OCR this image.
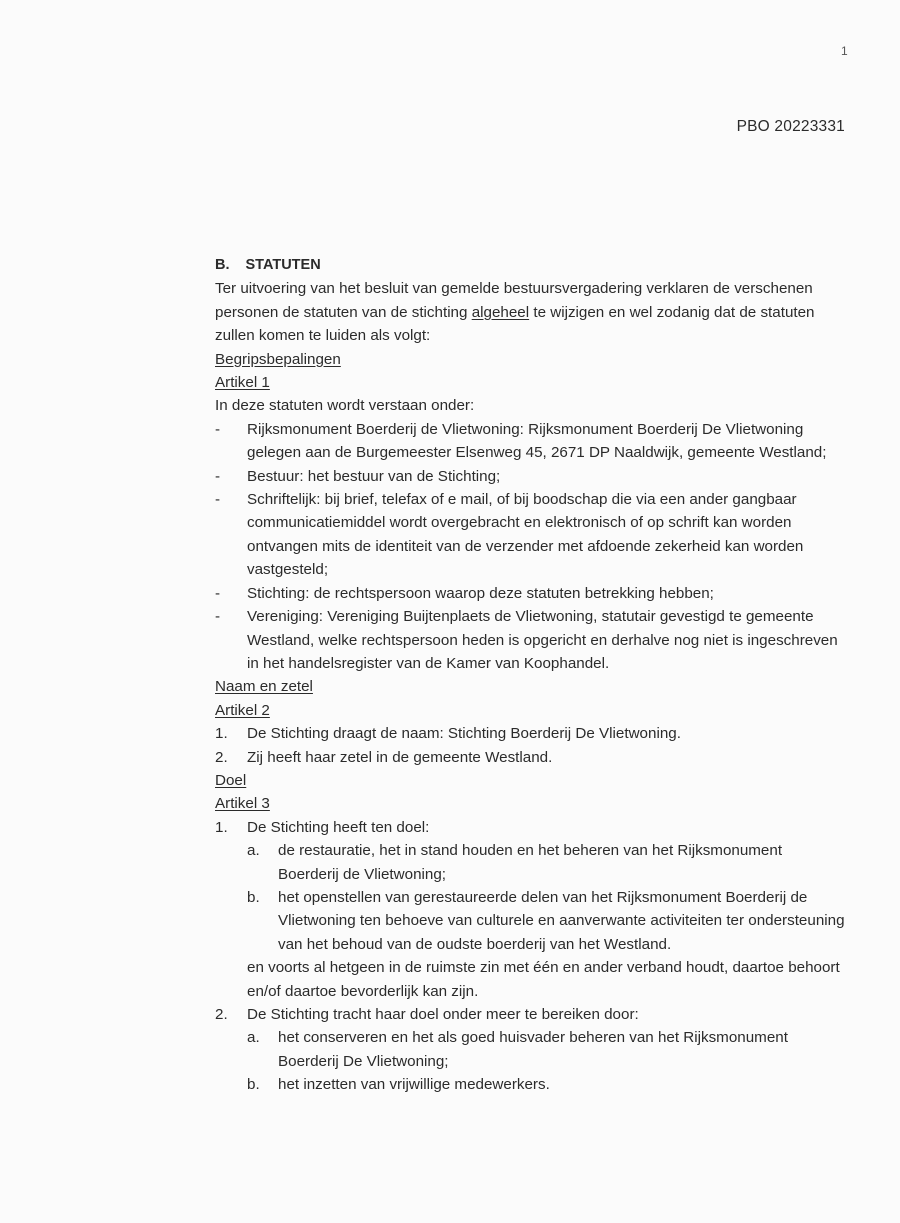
1
PBO 20223331
B. STATUTEN

Ter uitvoering van het besluit van gemelde bestuursvergadering verklaren de verschenen personen de statuten van de stichting algeheel te wijzigen en wel zodanig dat de statuten zullen komen te luiden als volgt:

Begripsbepalingen

Artikel 1

In deze statuten wordt verstaan onder:

-	Rijksmonument Boerderij de Vlietwoning: Rijksmonument Boerderij De Vlietwoning gelegen aan de Burgemeester Elsenweg 45, 2671 DP Naaldwijk, gemeente Westland;
-	Bestuur: het bestuur van de Stichting;
-	Schriftelijk: bij brief, telefax of e mail, of bij boodschap die via een ander gangbaar communicatiemiddel wordt overgebracht en elektronisch of op schrift kan worden ontvangen mits de identiteit van de verzender met afdoende zekerheid kan worden vastgesteld;
-	Stichting: de rechtspersoon waarop deze statuten betrekking hebben;
-	Vereniging: Vereniging Buijtenplaets de Vlietwoning, statutair gevestigd te gemeente Westland, welke rechtspersoon heden is opgericht en derhalve nog niet is ingeschreven in het handelsregister van de Kamer van Koophandel.

Naam en zetel

Artikel 2

1.	De Stichting draagt de naam: Stichting Boerderij De Vlietwoning.
2.	Zij heeft haar zetel in de gemeente Westland.

Doel

Artikel 3

1.	De Stichting heeft ten doel:
a.	de restauratie, het in stand houden en het beheren van het Rijksmonument Boerderij de Vlietwoning;
b.	het openstellen van gerestaureerde delen van het Rijksmonument Boerderij de Vlietwoning ten behoeve van culturele en aanverwante activiteiten ter ondersteuning van het behoud van de oudste boerderij van het Westland.

en voorts al hetgeen in de ruimste zin met één en ander verband houdt, daartoe behoort en/of daartoe bevorderlijk kan zijn.

2.	De Stichting tracht haar doel onder meer te bereiken door:
a.	het conserveren en het als goed huisvader beheren van het Rijksmonument Boerderij De Vlietwoning;
b.	het inzetten van vrijwillige medewerkers.
